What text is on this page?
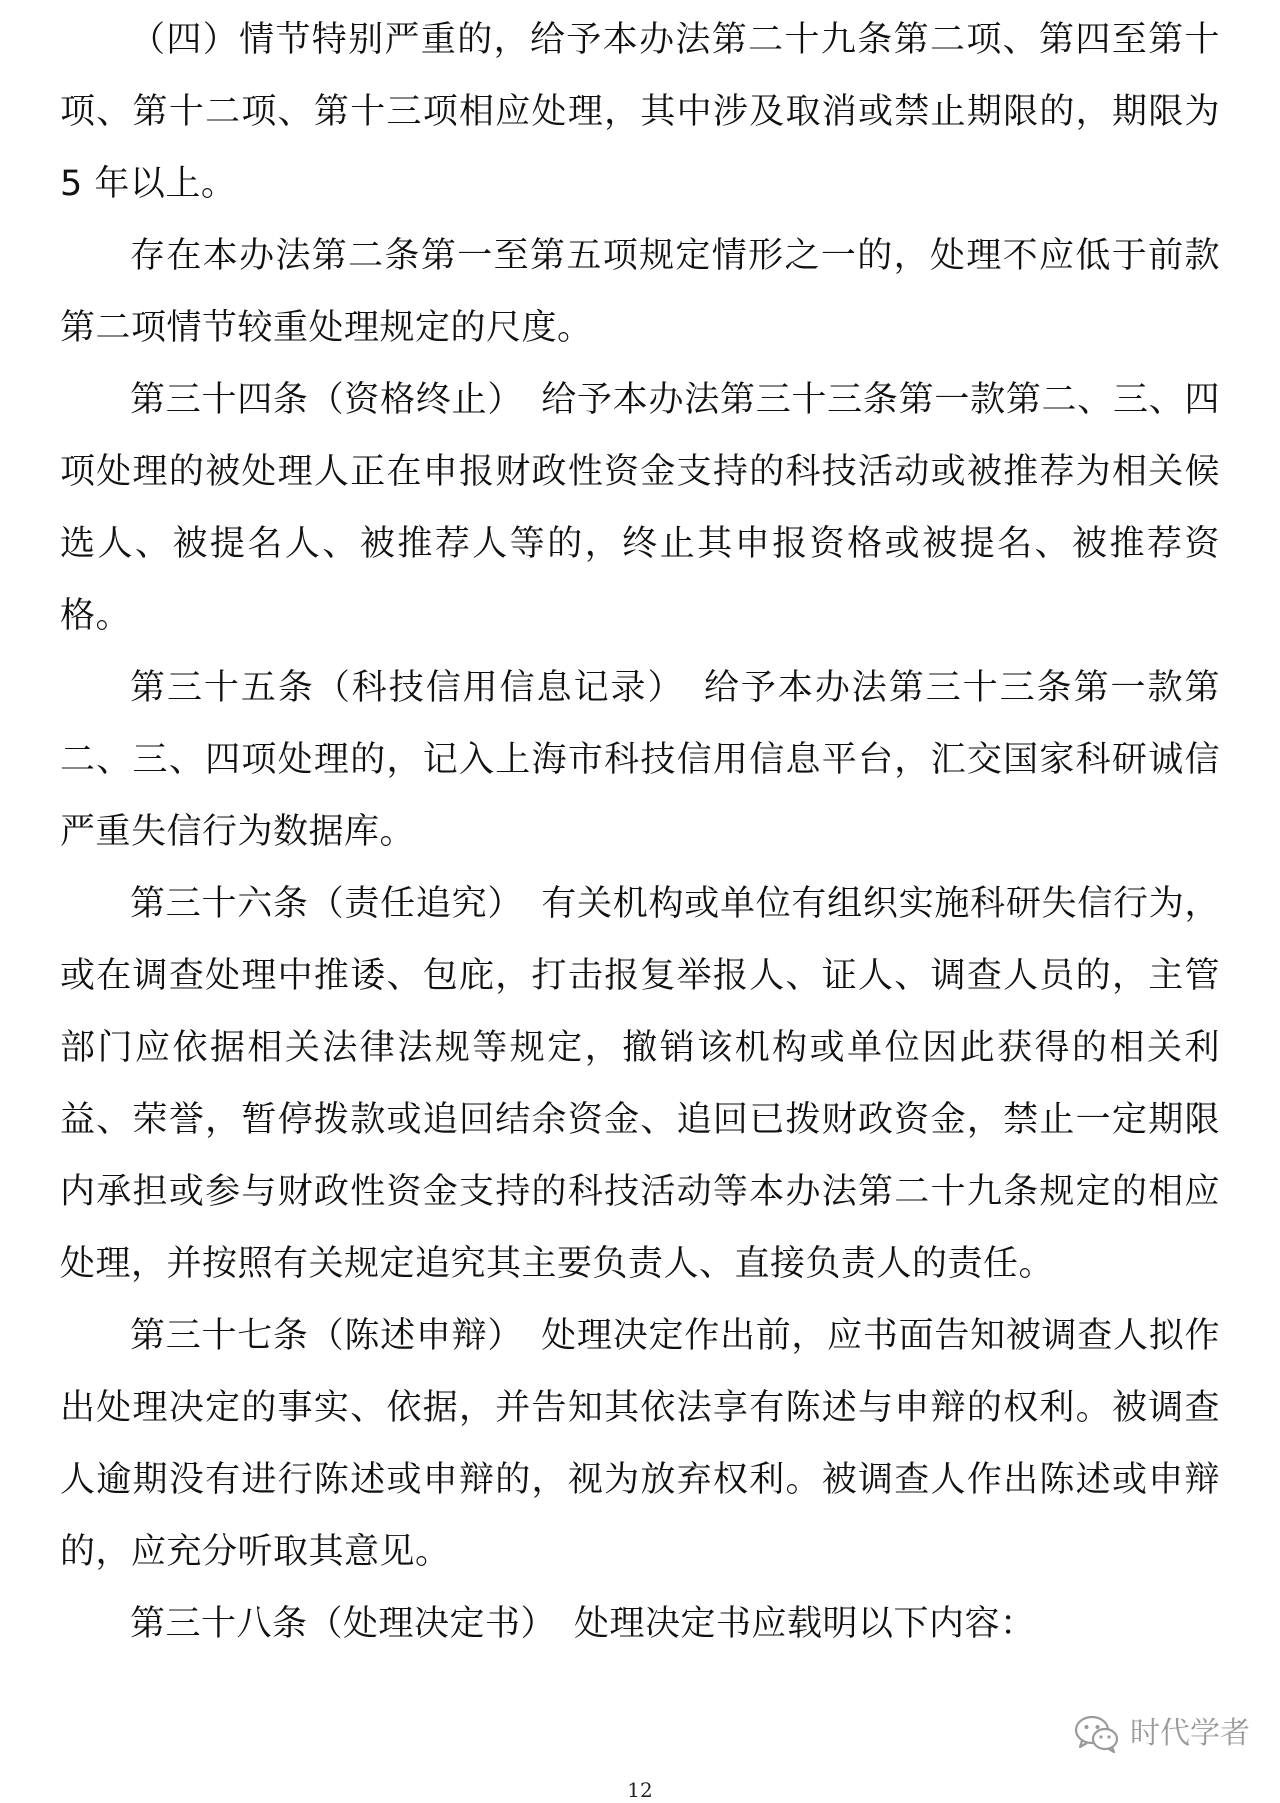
（四）情节特别严重的，给予本办法第二十九条第二项、第四至第十项、第十二项、第十三项相应处理，其中涉及取消或禁止期限的，期限为 5 年以上。

存在本办法第二条第一至第五项规定情形之一的，处理不应低于前款第二项情节较重处理规定的尺度。

第三十四条（资格终止）　给予本办法第三十三条第一款第二、三、四项处理的被处理人正在申报财政性资金支持的科技活动或被推荐为相关候选人、被提名人、被推荐人等的，终止其申报资格或被提名、被推荐资格。

第三十五条（科技信用信息记录）　给予本办法第三十三条第一款第二、三、四项处理的，记入上海市科技信用信息平台，汇交国家科研诚信严重失信行为数据库。

第三十六条（责任追究）　有关机构或单位有组织实施科研失信行为，或在调查处理中推诿、包庇，打击报复举报人、证人、调查人员的，主管部门应依据相关法律法规等规定，撤销该机构或单位因此获得的相关利益、荣誉，暂停拨款或追回结余资金、追回已拨财政资金，禁止一定期限内承担或参与财政性资金支持的科技活动等本办法第二十九条规定的相应处理，并按照有关规定追究其主要负责人、直接负责人的责任。

第三十七条（陈述申辩）　处理决定作出前，应书面告知被调查人拟作出处理决定的事实、依据，并告知其依法享有陈述与申辩的权利。被调查人逾期没有进行陈述或申辩的，视为放弃权利。被调查人作出陈述或申辩的，应充分听取其意见。

第三十八条（处理决定书）　处理决定书应载明以下内容：

时代学者
12
